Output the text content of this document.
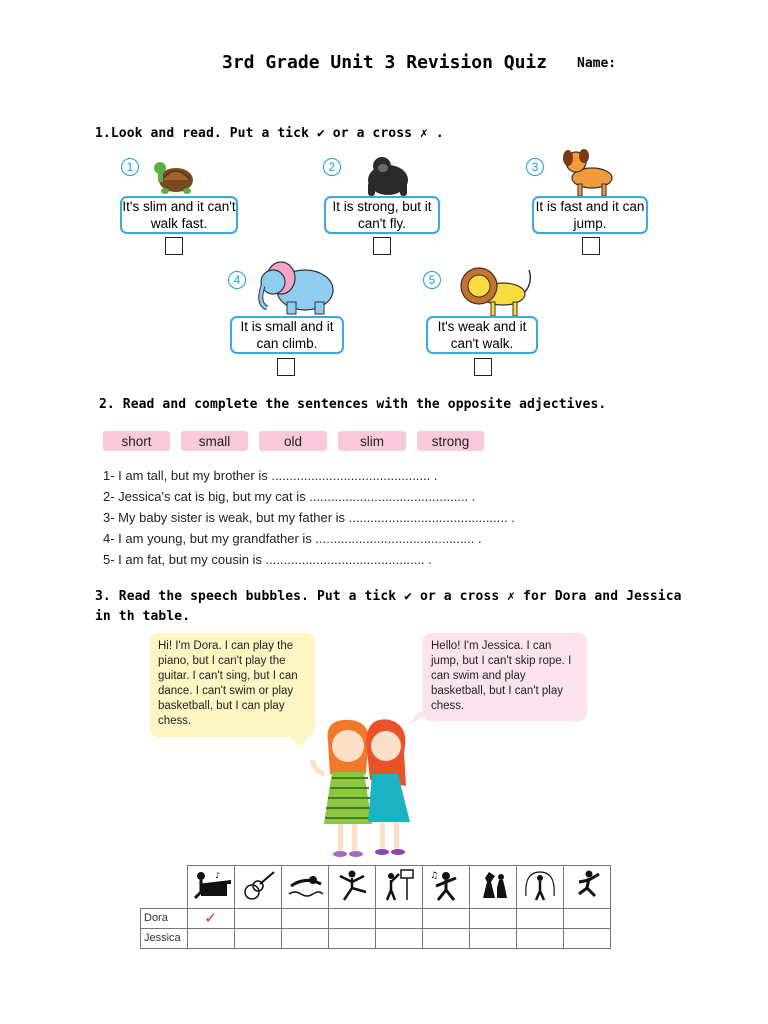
3rd Grade Unit 3 Revision Quiz Name:
1.Look and read. Put a tick ✔ or a cross ✗ .
1
It's slim and it can't walk fast.
2
It is strong, but it can't fly.
3
It is fast and it can jump.
4
It is small and it can climb.
5
It's weak and it can't walk.
2. Read and complete the sentences with the opposite adjectives.
short	small	old	slim	strong
1- I am tall, but my brother is ............................................ .
2- Jessica's cat is big, but my cat is ............................................ .
3- My baby sister is weak, but my father is ............................................ .
4- I am young, but my grandfather is ............................................ .
5- I am fat, but my cousin is ............................................ .
3. Read the speech bubbles. Put a tick ✔ or a cross ✗ for Dora and Jessica
in th table.
Hi! I'm Dora. I can play the piano, but I can't play the guitar. I can't sing, but I can dance. I can't swim or play basketball, but I can play chess.
Hello! I'm Jessica. I can jump, but I can't skip rope. I can swim and play basketball, but I can't play chess.

♪					♫

Dora	✓								
Jessica									
